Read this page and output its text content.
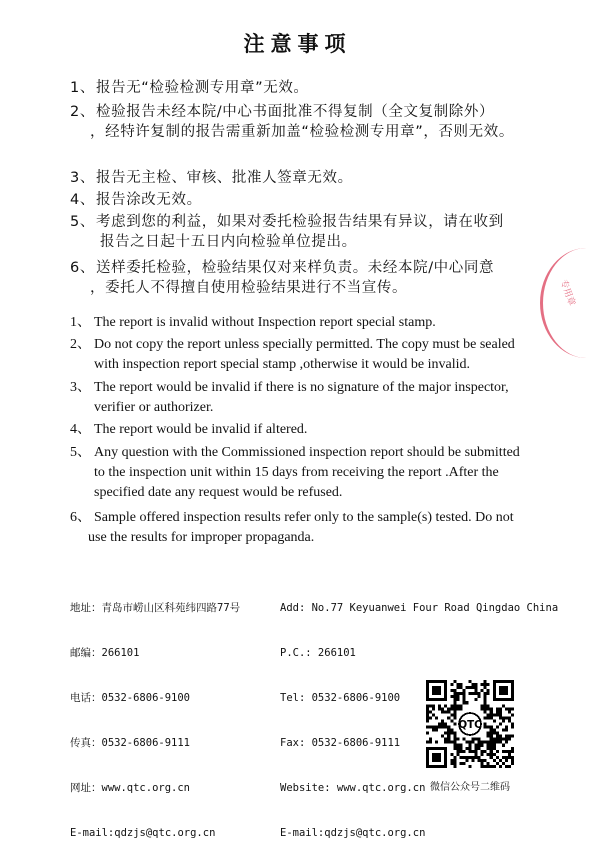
注意事项
1、 报告无“检验检测专用章”无效。
2、 检验报告未经本院/中心书面批准不得复制（全文复制除外）
，经特许复制的报告需重新加盖“检验检测专用章”，否则无效。
3、 报告无主检、审核、批准人签章无效。
4、 报告涂改无效。
5、 考虑到您的利益，如果对委托检验报告结果有异议，请在收到
报告之日起十五日内向检验单位提出。
6、 送样委托检验，检验结果仅对来样负责。未经本院/中心同意
，委托人不得擅自使用检验结果进行不当宣传。	专用章
1、 The report is invalid without Inspection report special stamp.
2、 Do not copy the report unless specially permitted. The copy must be sealed
with inspection report special stamp ,otherwise it would be invalid.
3、 The report would be invalid if there is no signature of the major inspector,
verifier or authorizer.
4、 The report would be invalid if altered.
5、 Any question with the Commissioned inspection report should be submitted
to the inspection unit within 15 days from receiving the report .After the
specified date any request would be refused.
6、 Sample offered inspection results refer only to the sample(s) tested. Do not
use the results for improper propaganda.

地址：青岛市崂山区科苑纬四路77号

邮编：266101

电话：0532-6806-9100

传真：0532-6806-9111

网址：www.qtc.org.cn

E-mail:qdzjs@qtc.org.cn

Add: No.77 Keyuanwei Four Road Qingdao China

P.C.: 266101

Tel: 0532-6806-9100

Fax: 0532-6806-9111

Website: www.qtc.org.cn

E-mail:qdzjs@qtc.org.cn

QTC
微信公众号二维码
